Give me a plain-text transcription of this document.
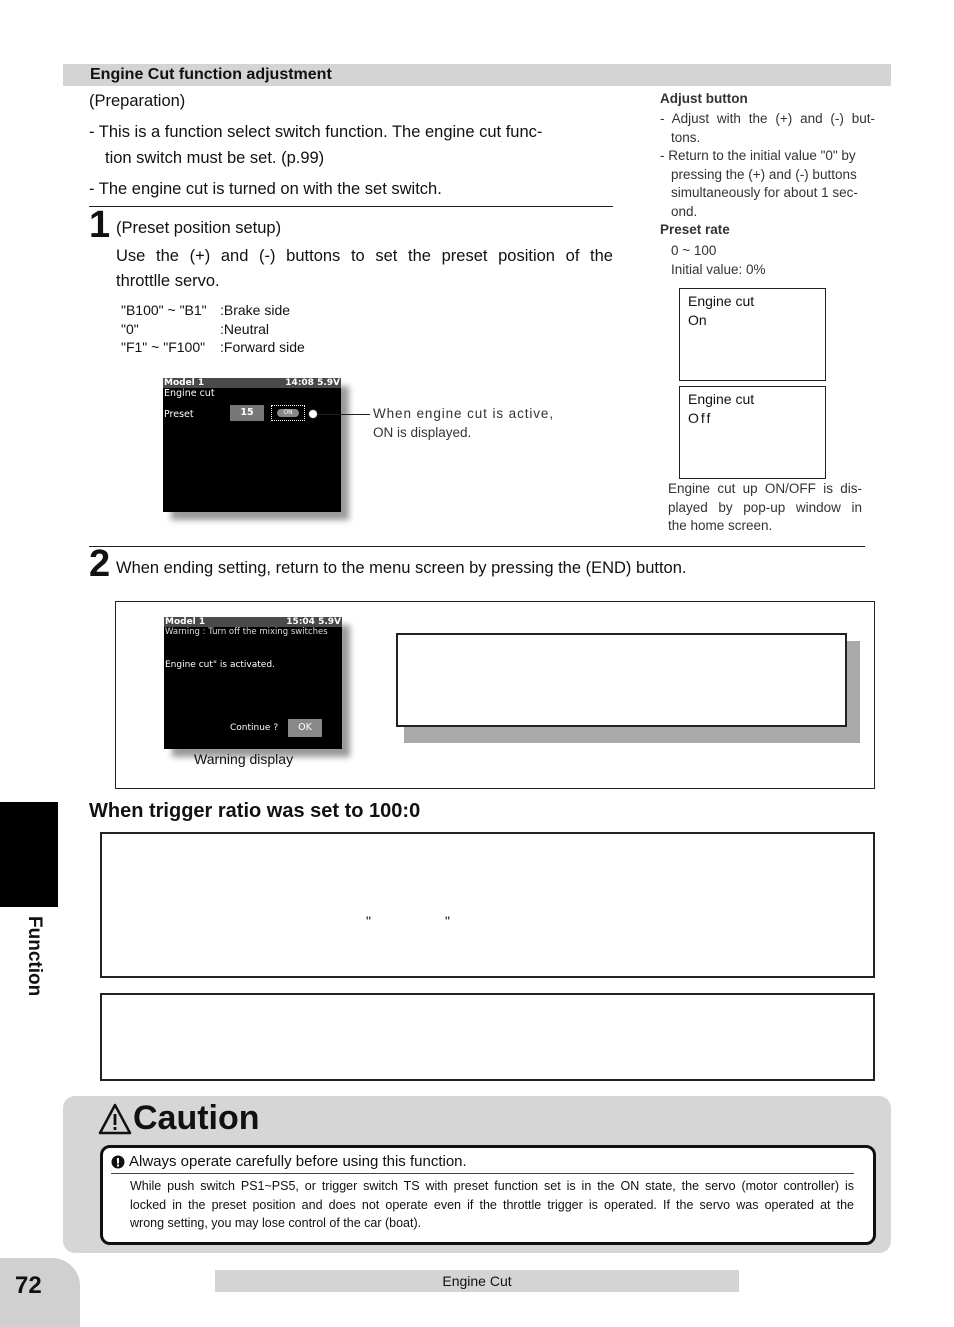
Engine Cut function adjustment
(Preparation)
- This is a function select switch function. The engine cut func-
tion switch must be set. (p.99)
- The engine cut is turned on with the set switch.
1 (Preset position setup)
Use the (+) and (-) buttons to set the preset position of the
throttlle servo.
"B100" ~ "B1" :Brake side
"0"	:Neutral
"F1" ~ "F100"	:Forward side
Model 1	14:08 5.9V
Engine cut
Preset	15	ON	When engine cut is active,
ON is displayed.
Adjust button
- Adjust with the (+) and (-) but-
tons.
- Return to the initial value "0" by
pressing the (+) and (-) buttons
simultaneously for about 1 sec-
ond.
Preset rate
0 ~ 100
Initial value: 0%
Engine cut
On
Engine cut
Off
Engine cut up ON/OFF is dis-
played by pop-up window in
the home screen.
2 When ending setting, return to the menu screen by pressing the (END) button.
Model 1	15:04 5.9V
Warning : Turn off the mixing switches
Engine cut" is activated.
Continue ?	OK
Warning display
When trigger ratio was set to 100:0
"	"
Caution
Always operate carefully before using this function.
While push switch PS1~PS5, or trigger switch TS with preset function set is in the ON state, the servo (motor controller) is
locked in the preset position and does not operate even if the throttle trigger is operated. If the servo was operated at the
wrong setting, you may lose control of the car (boat).
Function
72	Engine Cut
